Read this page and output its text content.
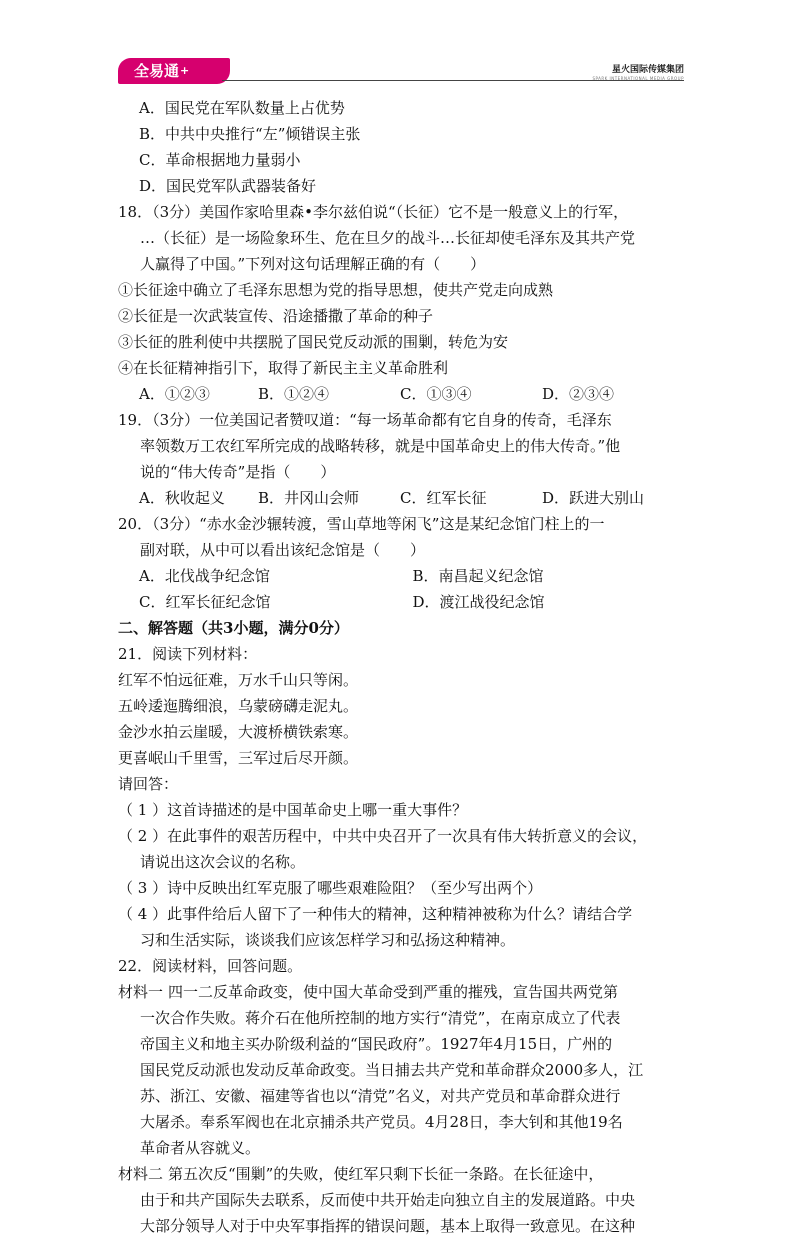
全易通+	星火国际传媒集团
SPARK INTERNATIONAL MEDIA GROUP
A．国民党在军队数量上占优势
B．中共中央推行“左”倾错误主张
C．革命根据地力量弱小
D．国民党军队武器装备好
18．（3分）美国作家哈里森•李尔兹伯说“（长征）它不是一般意义上的行军，
…（长征）是一场险象环生、危在旦夕的战斗…长征却使毛泽东及其共产党
人赢得了中国。”下列对这句话理解正确的有（　　）
①长征途中确立了毛泽东思想为党的指导思想，使共产党走向成熟
②长征是一次武装宣传、沿途播撒了革命的种子
③长征的胜利使中共摆脱了国民党反动派的围剿，转危为安
④在长征精神指引下，取得了新民主主义革命胜利
A．①②③	B．①②④	C．①③④	D．②③④
19．（3分）一位美国记者赞叹道：“每一场革命都有它自身的传奇，毛泽东
率领数万工农红军所完成的战略转移，就是中国革命史上的伟大传奇。”他
说的“伟大传奇”是指（　　）
A．秋收起义	B．井冈山会师	C．红军长征	D．跃进大别山
20．（3分）“赤水金沙辗转渡，雪山草地等闲飞”这是某纪念馆门柱上的一
副对联，从中可以看出该纪念馆是（　　）
A．北伐战争纪念馆	B．南昌起义纪念馆
C．红军长征纪念馆	D．渡江战役纪念馆
二、解答题（共3小题，满分0分）
21．阅读下列材料：
红军不怕远征难，万水千山只等闲。
五岭逶迤腾细浪，乌蒙磅礴走泥丸。
金沙水拍云崖暖，大渡桥横铁索寒。
更喜岷山千里雪，三军过后尽开颜。
请回答：
（ 1 ）这首诗描述的是中国革命史上哪一重大事件？
（ 2 ）在此事件的艰苦历程中，中共中央召开了一次具有伟大转折意义的会议，
请说出这次会议的名称。
（ 3 ）诗中反映出红军克服了哪些艰难险阻？（至少写出两个）
（ 4 ）此事件给后人留下了一种伟大的精神，这种精神被称为什么？请结合学
习和生活实际，谈谈我们应该怎样学习和弘扬这种精神。
22．阅读材料，回答问题。
材料一 四一二反革命政变，使中国大革命受到严重的摧残，宣告国共两党第
一次合作失败。蒋介石在他所控制的地方实行“清党”，在南京成立了代表
帝国主义和地主买办阶级利益的“国民政府”。1927年4月15日，广州的
国民党反动派也发动反革命政变。当日捕去共产党和革命群众2000多人，江
苏、浙江、安徽、福建等省也以“清党”名义，对共产党员和革命群众进行
大屠杀。奉系军阀也在北京捕杀共产党员。4月28日，李大钊和其他19名
革命者从容就义。
材料二 第五次反“围剿”的失败，使红军只剩下长征一条路。在长征途中，
由于和共产国际失去联系，反而使中共开始走向独立自主的发展道路。中央
大部分领导人对于中央军事指挥的错误问题，基本上取得一致意见。在这种
